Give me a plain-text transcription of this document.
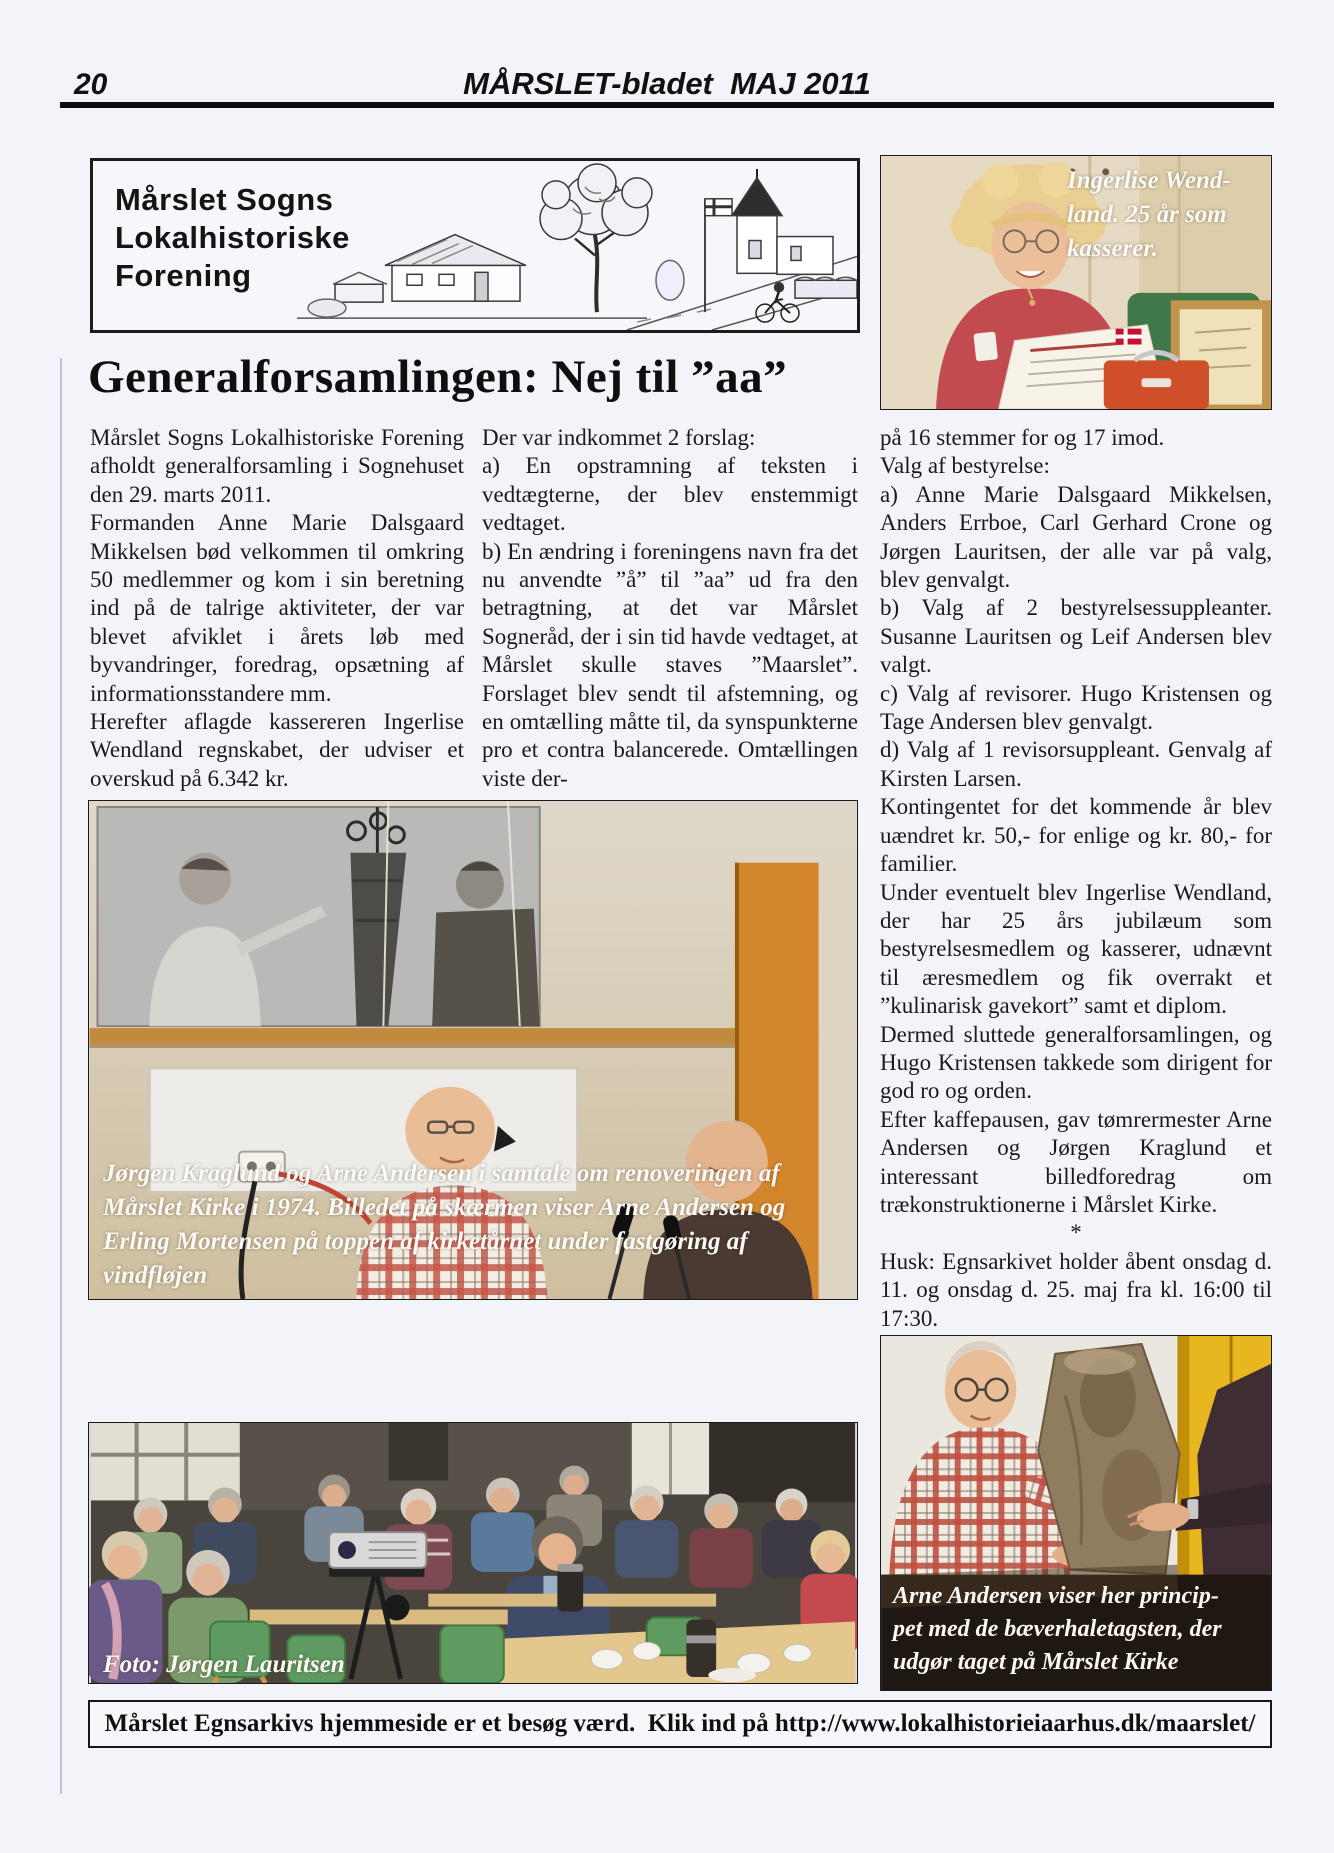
20	MÅRSLET-bladet  MAJ 2011
Mårslet Sogns
Lokalhistoriske
Forening
Ingerlise Wend-
land. 25 år som
kasserer.
Generalforsamlingen: Nej til ”aa”

Mårslet Sogns Lokalhistoriske Forening afholdt generalforsamling i Sognehuset den 29. marts 2011.

Formanden Anne Marie Dalsgaard Mikkelsen bød velkommen til omkring 50 medlemmer og kom i sin beretning ind på de talrige aktiviteter, der var blevet afviklet i årets løb med byvandringer, foredrag, opsætning af informationsstandere mm.

Herefter aflagde kassereren Ingerlise Wendland regnskabet, der udviser et overskud på 6.342 kr.

Der var indkommet 2 forslag:

a) En opstramning af teksten i vedtægterne, der blev enstemmigt vedtaget.

b) En ændring i foreningens navn fra det nu anvendte ”å” til ”aa” ud fra den betragtning, at det var Mårslet Sogneråd, der i sin tid havde vedtaget, at Mårslet skulle staves ”Maarslet”. Forslaget blev sendt til afstemning, og en omtælling måtte til, da synspunkterne pro et contra balancerede. Omtællingen viste der-

på 16 stemmer for og 17 imod.

Valg af bestyrelse:

a) Anne Marie Dalsgaard Mikkelsen, Anders Errboe, Carl Gerhard Crone og Jørgen Lauritsen, der alle var på valg, blev genvalgt.

b) Valg af 2 bestyrelsessuppleanter. Susanne Lauritsen og Leif Andersen blev valgt.

c) Valg af revisorer. Hugo Kristensen og Tage Andersen blev genvalgt.

d) Valg af 1 revisorsuppleant. Genvalg af Kirsten Larsen.

Kontingentet for det kommende år blev uændret kr. 50,- for enlige og kr. 80,- for familier.

Under eventuelt blev Ingerlise Wendland, der har 25 års jubilæum som bestyrelsesmedlem og kasserer, udnævnt til æresmedlem og fik overrakt et ”kulinarisk gavekort” samt et diplom.

Dermed sluttede generalforsamlingen, og Hugo Kristensen takkede som dirigent for god ro og orden.

Efter kaffepausen, gav tømrermester Arne Andersen og Jørgen Kraglund et interessant billedforedrag om trækonstruktionerne i Mårslet Kirke.

*

Husk: Egnsarkivet holder åbent onsdag d. 11. og onsdag d. 25. maj fra kl. 16:00 til 17:30.

Jørgen Kraglund og Arne Andersen i samtale om renoveringen af Mårslet Kirke i 1974. Billedet på skærmen viser Arne Andersen og Erling Mortensen på toppen af kirketårnet under fastgøring af vindfløjen
Foto: Jørgen Lauritsen
Arne Andersen viser her princip-
pet med de bæverhaletagsten, der
udgør taget på Mårslet Kirke
Mårslet Egnsarkivs hjemmeside er et besøg værd.  Klik ind på http://www.lokalhistorieiaarhus.dk/maarslet/
